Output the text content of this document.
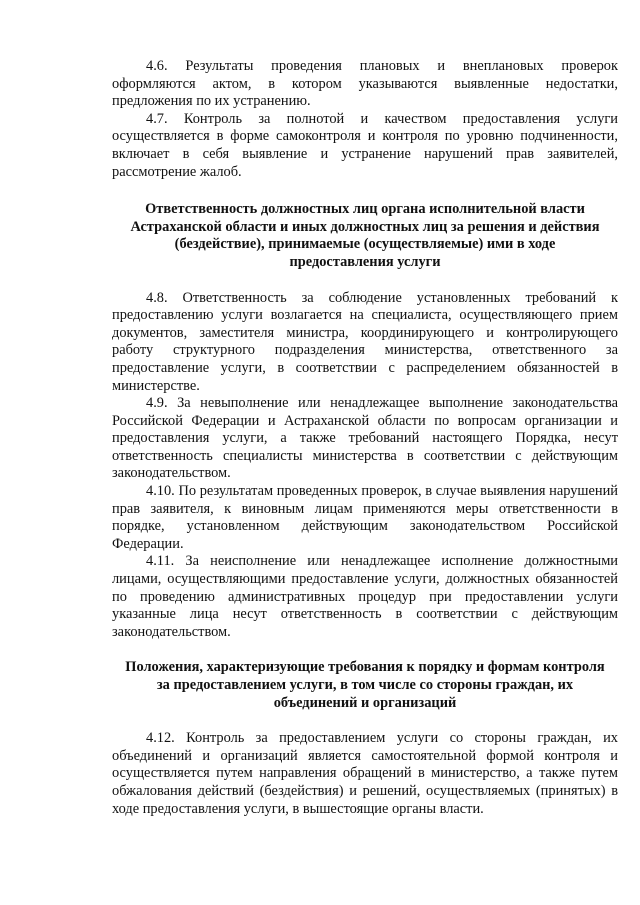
4.6. Результаты проведения плановых и внеплановых проверок оформляются актом, в котором указываются выявленные недостатки, предложения по их устранению.

4.7. Контроль за полнотой и качеством предоставления услуги осуществляется в форме самоконтроля и контроля по уровню подчиненности, включает в себя выявление и устранение нарушений прав заявителей, рассмотрение жалоб.

Ответственность должностных лиц органа исполнительной власти Астраханской области и иных должностных лиц за решения и действия (бездействие), принимаемые (осуществляемые) ими в ходе предоставления услуги

4.8. Ответственность за соблюдение установленных требований к предоставлению услуги возлагается на специалиста, осуществляющего прием документов, заместителя министра, координирующего и контролирующего работу структурного подразделения министерства, ответственного за предоставление услуги, в соответствии с распределением обязанностей в министерстве.

4.9. За невыполнение или ненадлежащее выполнение законодательства Российской Федерации и Астраханской области по вопросам организации и предоставления услуги, а также требований настоящего Порядка, несут ответственность специалисты министерства в соответствии с действующим законодательством.

4.10. По результатам проведенных проверок, в случае выявления нарушений прав заявителя, к виновным лицам применяются меры ответственности в порядке, установленном действующим законодательством Российской Федерации.

4.11. За неисполнение или ненадлежащее исполнение должностными лицами, осуществляющими предоставление услуги, должностных обязанностей по проведению административных процедур при предоставлении услуги указанные лица несут ответственность в соответствии с действующим законодательством.

Положения, характеризующие требования к порядку и формам контроля за предоставлением услуги, в том числе со стороны граждан, их объединений и организаций

4.12. Контроль за предоставлением услуги со стороны граждан, их объединений и организаций является самостоятельной формой контроля и осуществляется путем направления обращений в министерство, а также путем обжалования действий (бездействия) и решений, осуществляемых (принятых) в ходе предоставления услуги, в вышестоящие органы власти.
